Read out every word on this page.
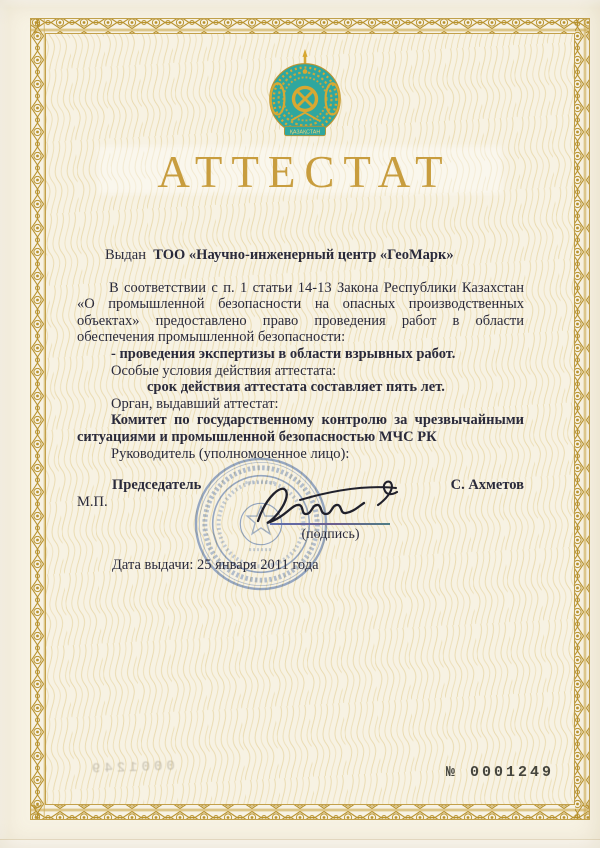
ҚАЗАҚСТАН
АТТЕСТАТ

Выдан ТОО «Научно-инженерный центр «ГеоМарк»

В соответствии с п. 1 статьи 14-13 Закона Республики Казахстан «О промышленной безопасности на опасных производственных объектах» предоставлено право проведения работ в области обеспечения промышленной безопасности:

- проведения экспертизы в области взрывных работ.

Особые условия действия аттестата:

срок действия аттестата составляет пять лет.

Орган, выдавший аттестат:

Комитет по государственному контролю за чрезвычайными ситуациями и промышленной безопасностью МЧС РК

Руководитель (уполномоченное лицо):

Председатель	С. Ахметов

М.П.

(подпись)
Дата выдачи: 25 января 2011 года
0001249	№ 0001249
